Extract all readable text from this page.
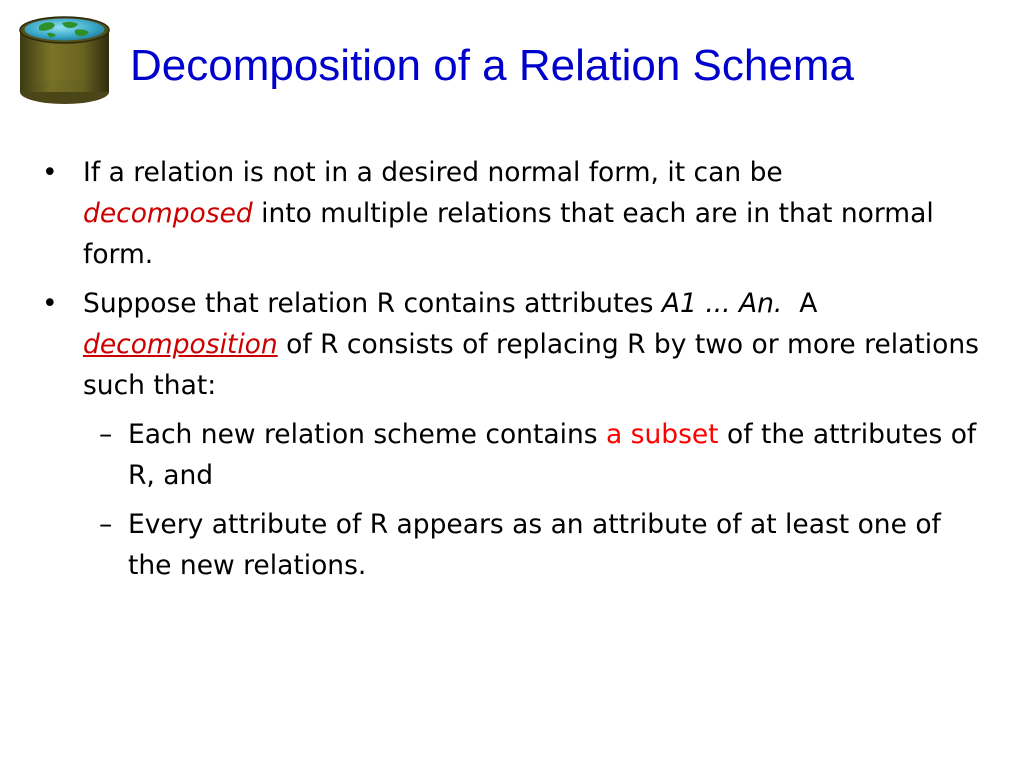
Decomposition of a Relation Schema
• If a relation is not in a desired normal form, it can be
decomposed into multiple relations that each are in that normal form.
• Suppose that relation R contains attributes A1 ... An.  A
decomposition of R consists of replacing R by two or more relations such that:
– Each new relation scheme contains a subset of the attributes of R, and
– Every attribute of R appears as an attribute of at least one of the new relations.
